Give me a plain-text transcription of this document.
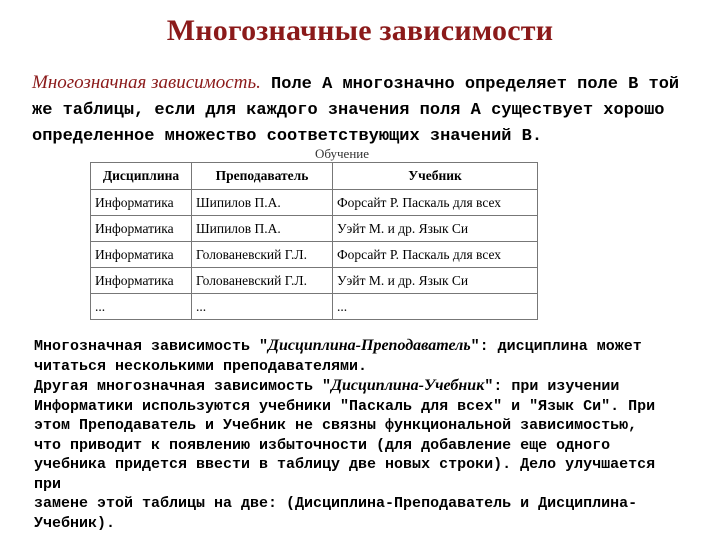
Многозначные зависимости
Многозначная зависимость. Поле А многозначно определяет поле В той
же таблицы, если для каждого значения поля А существует хорошо
определенное множество соответствующих значений В.
Обучение
Дисциплина	Преподаватель	Учебник
Информатика	Шипилов П.А.	Форсайт Р. Паскаль для всех
Информатика	Шипилов П.А.	Уэйт М. и др. Язык Си
Информатика	Голованевский Г.Л.	Форсайт Р. Паскаль для всех
Информатика	Голованевский Г.Л.	Уэйт М. и др. Язык Си
...	...	...

Многозначная зависимость "Дисциплина-Преподаватель": дисциплина может
читаться несколькими преподавателями.

Другая многозначная зависимость "Дисциплина-Учебник": при изучении
Информатики используются учебники "Паскаль для всех" и "Язык Си". При
этом Преподаватель и Учебник не связны функциональной зависимостью,
что приводит к появлению избыточности (для добавление еще одного
учебника придется ввести в таблицу две новых строки). Дело улучшается при
замене этой таблицы на две: (Дисциплина-Преподаватель и Дисциплина-
Учебник).
